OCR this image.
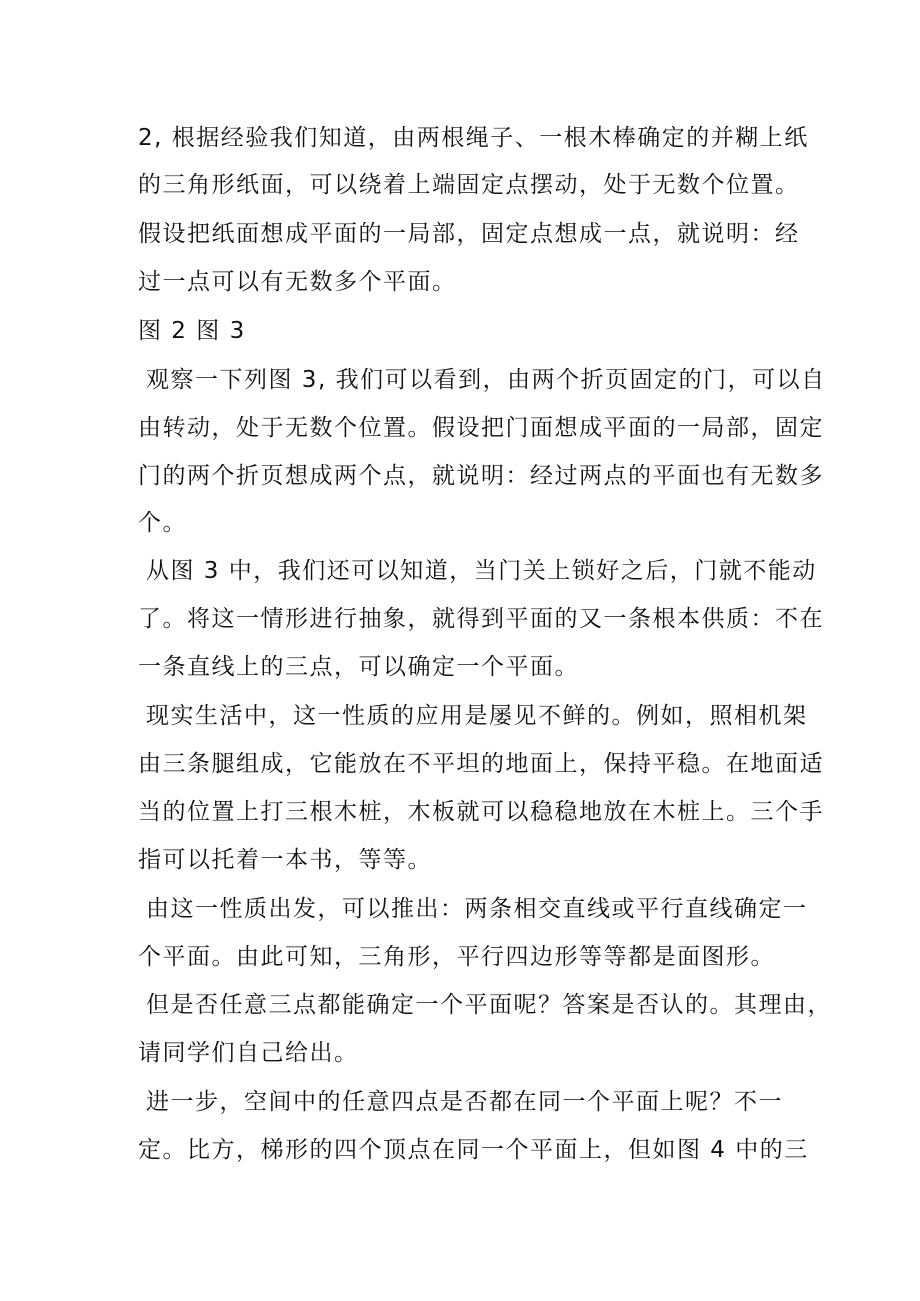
2, 根据经验我们知道，由两根绳子、一根木棒确定的并糊上纸
的三角形纸面，可以绕着上端固定点摆动，处于无数个位置。
假设把纸面想成平面的一局部，固定点想成一点，就说明：经
过一点可以有无数多个平面。
图 2 图 3
观察一下列图 3, 我们可以看到，由两个折页固定的门，可以自
由转动，处于无数个位置。假设把门面想成平面的一局部，固定
门的两个折页想成两个点，就说明：经过两点的平面也有无数多
个。
从图 3 中，我们还可以知道，当门关上锁好之后，门就不能动
了。将这一情形进行抽象，就得到平面的又一条根本供质：不在
一条直线上的三点，可以确定一个平面。
现实生活中，这一性质的应用是屡见不鲜的。例如，照相机架
由三条腿组成，它能放在不平坦的地面上，保持平稳。在地面适
当的位置上打三根木桩，木板就可以稳稳地放在木桩上。三个手
指可以托着一本书，等等。
由这一性质出发，可以推出：两条相交直线或平行直线确定一
个平面。由此可知，三角形，平行四边形等等都是面图形。
但是否任意三点都能确定一个平面呢？答案是否认的。其理由，
请同学们自己给出。
进一步，空间中的任意四点是否都在同一个平面上呢？不一
定。比方，梯形的四个顶点在同一个平面上，但如图 4 中的三
